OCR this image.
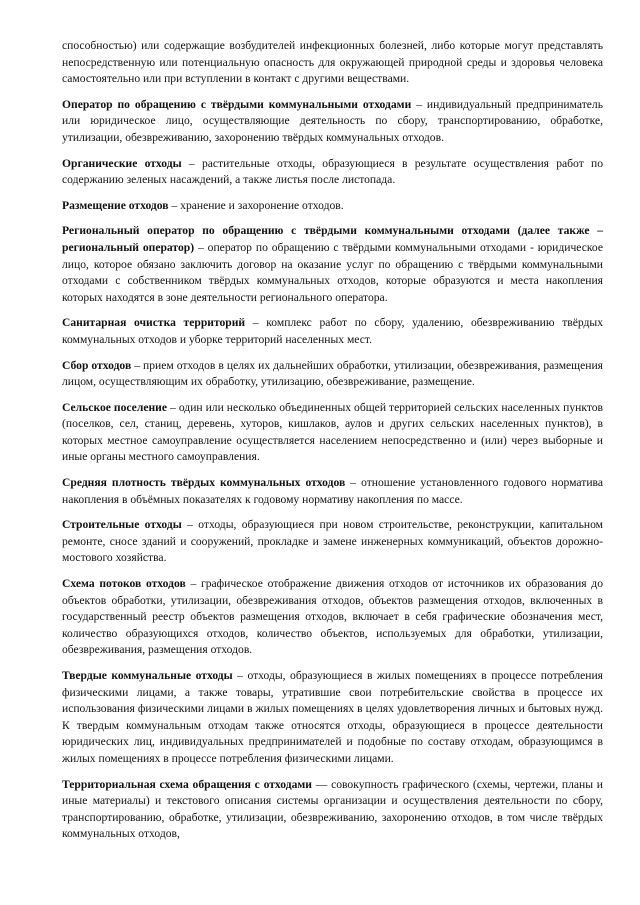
способностью) или содержащие возбудителей инфекционных болезней, либо которые могут представлять непосредственную или потенциальную опасность для окружающей природной среды и здоровья человека самостоятельно или при вступлении в контакт с другими веществами.

Оператор по обращению с твёрдыми коммунальными отходами – индивидуальный предприниматель или юридическое лицо, осуществляющие деятельность по сбору, транспортированию, обработке, утилизации, обезвреживанию, захоронению твёрдых коммунальных отходов.

Органические отходы – растительные отходы, образующиеся в результате осуществления работ по содержанию зеленых насаждений, а также листья после листопада.

Размещение отходов – хранение и захоронение отходов.

Региональный оператор по обращению с твёрдыми коммунальными отходами (далее также – региональный оператор) – оператор по обращению с твёрдыми коммунальными отходами - юридическое лицо, которое обязано заключить договор на оказание услуг по обращению с твёрдыми коммунальными отходами с собственником твёрдых коммунальных отходов, которые образуются и места накопления которых находятся в зоне деятельности регионального оператора.

Санитарная очистка территорий – комплекс работ по сбору, удалению, обезвреживанию твёрдых коммунальных отходов и уборке территорий населенных мест.

Сбор отходов – прием отходов в целях их дальнейших обработки, утилизации, обезвреживания, размещения лицом, осуществляющим их обработку, утилизацию, обезвреживание, размещение.

Сельское поселение – один или несколько объединенных общей территорией сельских населенных пунктов (поселков, сел, станиц, деревень, хуторов, кишлаков, аулов и других сельских населенных пунктов), в которых местное самоуправление осуществляется населением непосредственно и (или) через выборные и иные органы местного самоуправления.

Средняя плотность твёрдых коммунальных отходов – отношение установленного годового норматива накопления в объёмных показателях к годовому нормативу накопления по массе.

Строительные отходы – отходы, образующиеся при новом строительстве, реконструкции, капитальном ремонте, сносе зданий и сооружений, прокладке и замене инженерных коммуникаций, объектов дорожно-мостового хозяйства.

Схема потоков отходов – графическое отображение движения отходов от источников их образования до объектов обработки, утилизации, обезвреживания отходов, объектов размещения отходов, включенных в государственный реестр объектов размещения отходов, включает в себя графические обозначения мест, количество образующихся отходов, количество объектов, используемых для обработки, утилизации, обезвреживания, размещения отходов.

Твердые коммунальные отходы – отходы, образующиеся в жилых помещениях в процессе потребления физическими лицами, а также товары, утратившие свои потребительские свойства в процессе их использования физическими лицами в жилых помещениях в целях удовлетворения личных и бытовых нужд. К твердым коммунальным отходам также относятся отходы, образующиеся в процессе деятельности юридических лиц, индивидуальных предпринимателей и подобные по составу отходам, образующимся в жилых помещениях в процессе потребления физическими лицами.

Территориальная схема обращения с отходами — совокупность графического (схемы, чертежи, планы и иные материалы) и текстового описания системы организации и осуществления деятельности по сбору, транспортированию, обработке, утилизации, обезвреживанию, захоронению отходов, в том числе твёрдых коммунальных отходов,
